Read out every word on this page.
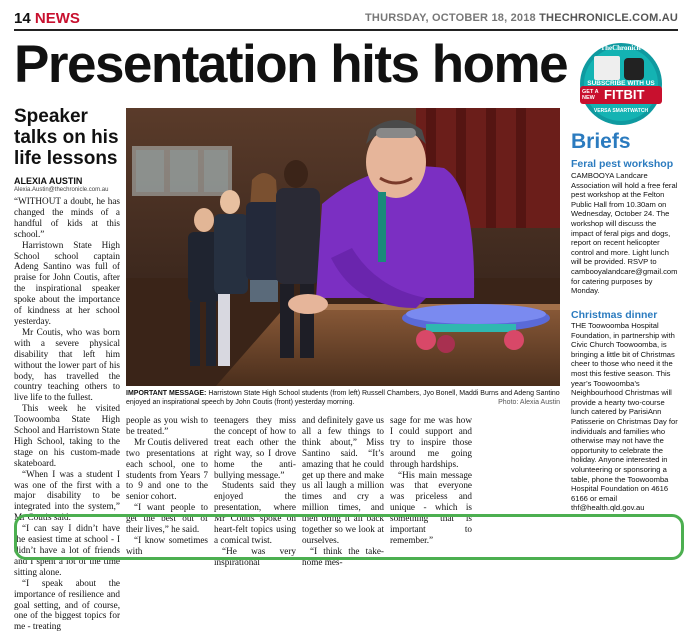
14 NEWS	THURSDAY, OCTOBER 18, 2018 THECHRONICLE.COM.AU
Presentation hits home
Speaker talks on his life lessons
ALEXIA AUSTIN
Alexia.Austin@thechronicle.com.au

“WITHOUT a doubt, he has changed the minds of a handful of kids at this school.”

Harristown State High School school captain Adeng Santino was full of praise for John Coutis, after the inspirational speaker spoke about the importance of kindness at her school yesterday.

Mr Coutis, who was born with a severe physical disability that left him without the lower part of his body, has travelled the country teaching others to live life to the fullest.

This week he visited Toowoomba State High School and Harristown State High School, taking to the stage on his custom-made skateboard.

“When I was a student I was one of the first with a major disability to be integrated into the system,” Mr Coutis said.

“I can say I didn’t have the easiest time at school - I didn’t have a lot of friends and I spent a lot of the time sitting alone.

“I speak about the importance of resilience and goal setting, and of course, one of the biggest topics for me - treating

IMPORTANT MESSAGE: Harristown State High School students (from left) Russell Chambers, Jyo Bonell, Maddi Burns and Adeng Santino enjoyed an inspirational speech by John Coutis (front) yesterday morning.	Photo: Alexia Austin

people as you wish to be treated.”

Mr Coutis delivered two presentations at each school, one to students from Years 7 to 9 and one to the senior cohort.

“I want people to get the best out of their lives,” he said.

“I know sometimes with

teenagers they miss the concept of how to treat each other the right way, so I drove home the anti-bullying message.”

Students said they enjoyed the presentation, where Mr Coutis spoke on heart-felt topics using a comical twist.

“He was very inspirational

and definitely gave us all a few things to think about,” Miss Santino said. “It’s amazing that he could get up there and make us all laugh a million times and cry a million times, and then bring it all back together so we look at ourselves.

“I think the take-home mes-

sage for me was how I could support and try to inspire those around me going through hardships.

“His main message was that everyone was priceless and unique - which is something that is important to remember.”

TheChronicle
SUBSCRIBE WITH US
GET A NEW FITBIT
VERSA SMARTWATCH
Briefs
Feral pest workshop
CAMBOOYA Landcare Association will hold a free feral pest workshop at the Felton Public Hall from 10.30am on Wednesday, October 24. The workshop will discuss the impact of feral pigs and dogs, report on recent helicopter control and more. Light lunch will be provided. RSVP to cambooyalandcare@gmail.com for catering purposes by Monday.
Christmas dinner
THE Toowoomba Hospital Foundation, in partnership with Civic Church Toowoomba, is bringing a little bit of Christmas cheer to those who need it the most this festive season. This year’s Toowoomba’s Neighbourhood Christmas will provide a hearty two-course lunch catered by ParisiAnn Patisserie on Christmas Day for individuals and families who otherwise may not have the opportunity to celebrate the holiday. Anyone interested in volunteering or sponsoring a table, phone the Toowoomba Hospital Foundation on 4616 6166 or email thf@health.qld.gov.au
